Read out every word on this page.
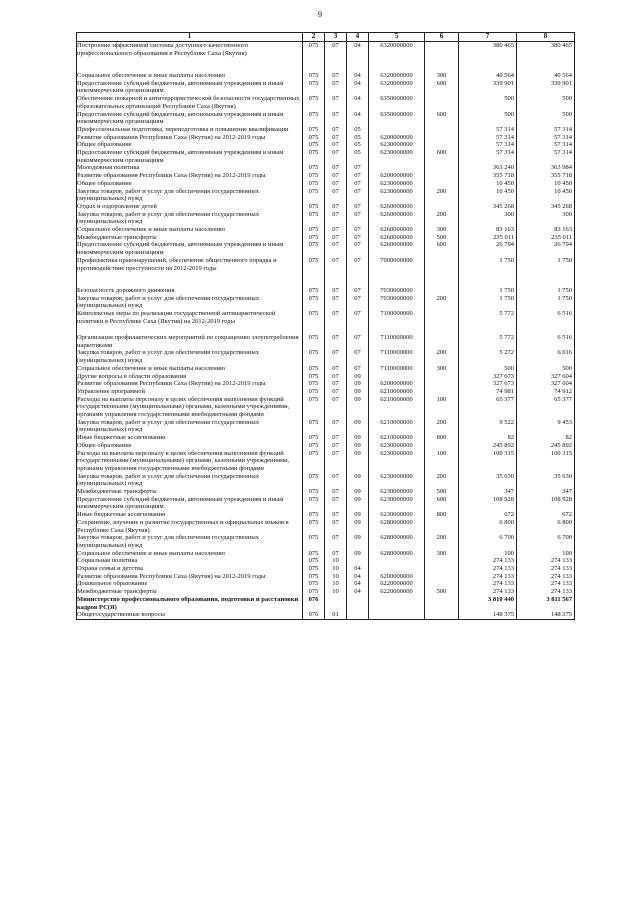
9
1	2	3	4	5	6	7	8
Построение эффективной системы доступного качественного профессионального образования в Республике Саха (Якутия)	075	07	04	6320000000		380 465	380 465
Социальное обеспечение и иные выплаты населению	075	07	04	6320000000	300	40 564	40 564
Предоставление субсидий бюджетным, автономным учреждениям и иным некоммерческим организациям	075	07	04	6320000000	600	339 901	339 901
Обеспечение пожарной и антитеррористической безопасности государственных образовательных организаций Республики Саха (Якутия)	075	07	04	6350000000		500	500
Предоставление субсидий бюджетным, автономным учреждениям и иным некоммерческим организациям	075	07	04	6350000000	600	500	500
Профессиональная подготовка, переподготовка и повышение квалификации	075	07	05			57 314	57 314
Развитие образования Республики Саха (Якутия) на 2012-2019 годы	075	07	05	6200000000		57 314	57 314
Общее образование	075	07	05	6230000000		57 314	57 314
Предоставление субсидий бюджетным, автономным учреждениям и иным некоммерческим организациям	075	07	05	6230000000	600	57 314	57 314
Молодежная политика	075	07	07			363 240	363 984
Развитие образования Республики Саха (Якутия) на 2012-2019 годы	075	07	07	6200000000		355 718	355 718
Общее образование	075	07	07	6230000000		10 450	10 450
Закупка товаров, работ и услуг для обеспечения государственных (муниципальных) нужд	075	07	07	6230000000	200	10 450	10 450
Отдых и оздоровление детей	075	07	07	6260000000		345 268	345 268
Закупка товаров, работ и услуг для обеспечения государственных (муниципальных) нужд	075	07	07	6260000000	200	300	300
Социальное обеспечение и иные выплаты населению	075	07	07	6260000000	300	83 163	83 163
Межбюджетные трансферты	075	07	07	6260000000	500	235 011	235 011
Предоставление субсидий бюджетным, автономным учреждениям и иным некоммерческим организациям	075	07	07	6260000000	600	26 794	26 794
Профилактика правонарушений, обеспечение общественного порядка и противодействие преступности на 2012-2019 годы	075	07	07	7000000000		1 750	1 750
Безопасность дорожного движения	075	07	07	7030000000		1 750	1 750
Закупка товаров, работ и услуг для обеспечения государственных (муниципальных) нужд	075	07	07	7030000000	200	1 750	1 750
Комплексные меры по реализации государственной антинаркотической политики в Республике Саха (Якутия) на 2012-2019 годы	075	07	07	7100000000		5 772	6 516
Организация профилактических мероприятий по сокращению злоупотребления наркотиками	075	07	07	7110000000		5 772	6 516
Закупка товаров, работ и услуг для обеспечения государственных (муниципальных) нужд	075	07	07	7110000000	200	5 272	6 016
Социальное обеспечение и иные выплаты населению	075	07	07	7110000000	300	500	500
Другие вопросы в области образования	075	07	09			327 673	327 604
Развитие образования Республики Саха (Якутия) на 2012-2019 годы	075	07	09	6200000000		327 673	327 604
Управление программой	075	07	09	6210000000		74 981	74 912
Расходы на выплаты персоналу в целях обеспечения выполнения функций государственными (муниципальными) органами, казенными учреждениями, органами управления государственными внебюджетными фондами	075	07	09	6210000000	100	65 377	65 377
Закупка товаров, работ и услуг для обеспечения государственных (муниципальных) нужд	075	07	09	6210000000	200	9 522	9 453
Иные бюджетные ассигнования	075	07	09	6210000000	800	82	82
Общее образование	075	07	09	6230000000		245 892	245 892
Расходы на выплаты персоналу в целях обеспечения выполнения функций государственными (муниципальными) органами, казенными учреждениями, органами управления государственными внебюджетными фондами	075	07	09	6230000000	100	100 315	100 315
Закупка товаров, работ и услуг для обеспечения государственных (муниципальных) нужд	075	07	09	6230000000	200	35 630	35 630
Межбюджетные трансферты	075	07	09	6230000000	500	347	347
Предоставление субсидий бюджетным, автономным учреждениям и иным некоммерческим организациям	075	07	09	6230000000	600	108 928	108 928
Иные бюджетные ассигнования	075	07	09	6230000000	800	672	672
Сохранение, изучение и развитие государственных и официальных языков в Республике Саха (Якутия)	075	07	09	6280000000		6 800	6 800
Закупка товаров, работ и услуг для обеспечения государственных (муниципальных) нужд	075	07	09	6280000000	200	6 700	6 700
Социальное обеспечение и иные выплаты населению	075	07	09	6280000000	300	100	100
Социальная политика	075	10				274 133	274 133
Охрана семьи и детства	075	10	04			274 133	274 133
Развитие образования Республики Саха (Якутия) на 2012-2019 годы	075	10	04	6200000000		274 133	274 133
Дошкольное образование	075	10	04	6220000000		274 133	274 133
Межбюджетные трансферты	075	10	04	6220000000	500	274 133	274 133
Министерство профессионального образования, подготовки и расстановки кадров РС(Я)	076					3 810 440	3 811 567
Общегосударственные вопросы	076	01				148 375	148 375
